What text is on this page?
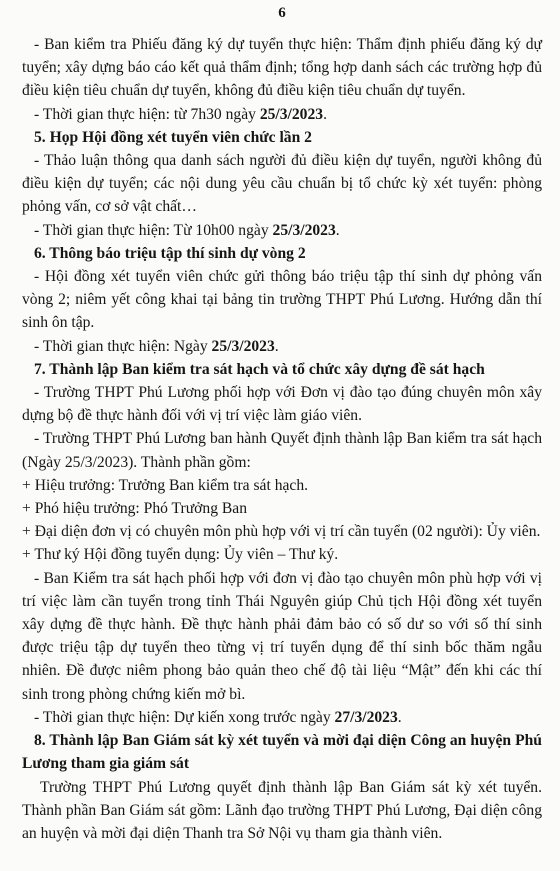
6

- Ban kiểm tra Phiếu đăng ký dự tuyển thực hiện: Thẩm định phiếu đăng ký dự tuyển; xây dựng báo cáo kết quả thẩm định; tổng hợp danh sách các trường hợp đủ điều kiện tiêu chuẩn dự tuyển, không đủ điều kiện tiêu chuẩn dự tuyển.

- Thời gian thực hiện: từ 7h30 ngày 25/3/2023.

5. Họp Hội đồng xét tuyển viên chức lần 2

- Thảo luận thông qua danh sách người đủ điều kiện dự tuyển, người không đủ điều kiện dự tuyển; các nội dung yêu cầu chuẩn bị tổ chức kỳ xét tuyển: phòng phỏng vấn, cơ sở vật chất…

- Thời gian thực hiện: Từ 10h00 ngày 25/3/2023.

6. Thông báo triệu tập thí sinh dự vòng 2

- Hội đồng xét tuyển viên chức gửi thông báo triệu tập thí sinh dự phỏng vấn vòng 2; niêm yết công khai tại bảng tin trường THPT Phú Lương. Hướng dẫn thí sinh ôn tập.

- Thời gian thực hiện: Ngày 25/3/2023.

7. Thành lập Ban kiểm tra sát hạch và tổ chức xây dựng đề sát hạch

- Trường THPT Phú Lương phối hợp với Đơn vị đào tạo đúng chuyên môn xây dựng bộ đề thực hành đối với vị trí việc làm giáo viên.

- Trường THPT Phú Lương ban hành Quyết định thành lập Ban kiểm tra sát hạch (Ngày 25/3/2023). Thành phần gồm:

+ Hiệu trưởng: Trưởng Ban kiểm tra sát hạch.

+ Phó hiệu trưởng: Phó Trưởng Ban

+ Đại diện đơn vị có chuyên môn phù hợp với vị trí cần tuyển (02 người): Ủy viên.

+ Thư ký Hội đồng tuyển dụng: Ủy viên – Thư ký.

- Ban Kiểm tra sát hạch phối hợp với đơn vị đào tạo chuyên môn phù hợp với vị trí việc làm cần tuyển trong tỉnh Thái Nguyên giúp Chủ tịch Hội đồng xét tuyển xây dựng đề thực hành. Đề thực hành phải đảm bảo có số dư so với số thí sinh được triệu tập dự tuyển theo từng vị trí tuyển dụng để thí sinh bốc thăm ngẫu nhiên. Đề được niêm phong bảo quản theo chế độ tài liệu “Mật” đến khi các thí sinh trong phòng chứng kiến mở bì.

- Thời gian thực hiện: Dự kiến xong trước ngày 27/3/2023.

8. Thành lập Ban Giám sát kỳ xét tuyển và mời đại diện Công an huyện Phú Lương tham gia giám sát

Trường THPT Phú Lương quyết định thành lập Ban Giám sát kỳ xét tuyển. Thành phần Ban Giám sát gồm: Lãnh đạo trường THPT Phú Lương, Đại diện công an huyện và mời đại diện Thanh tra Sở Nội vụ tham gia thành viên.
